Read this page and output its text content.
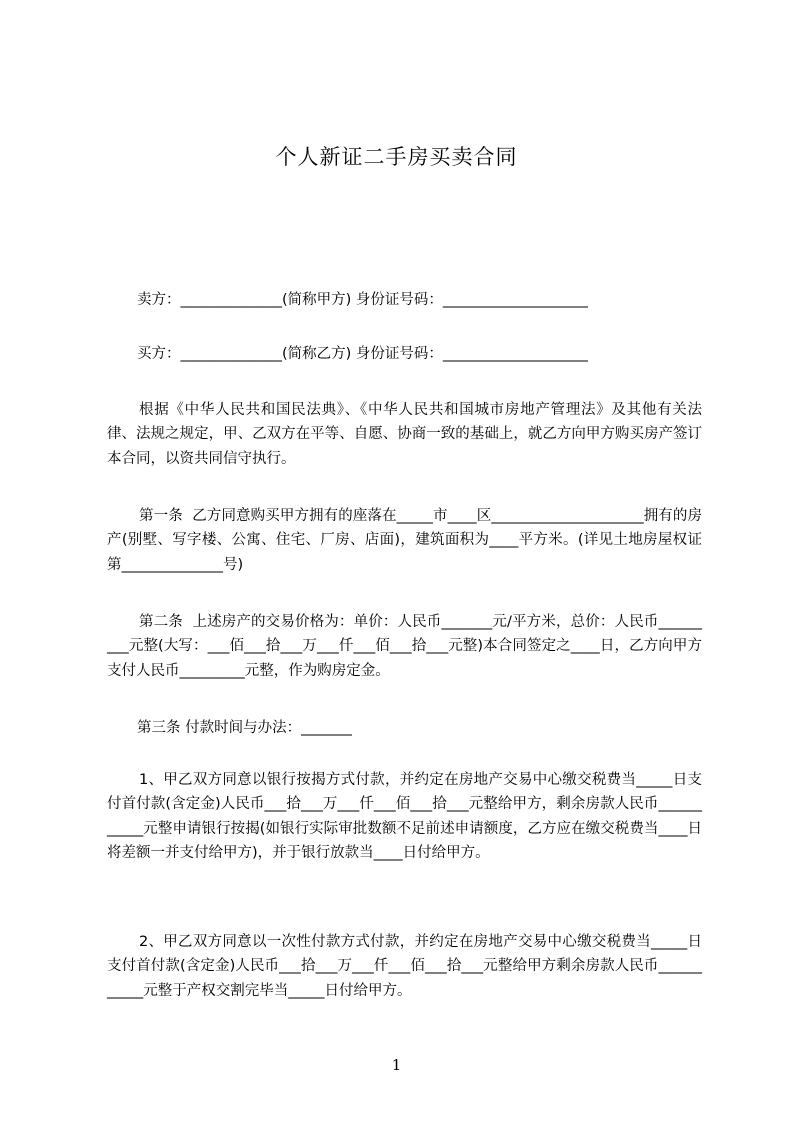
个人新证二手房买卖合同

卖方：______________(简称甲方) 身份证号码：____________________

买方：______________(简称乙方) 身份证号码：____________________

根据《中华人民共和国民法典》、《中华人民共和国城市房地产管理法》及其他有关法律、法规之规定，甲、乙双方在平等、自愿、协商一致的基础上，就乙方向甲方购买房产签订本合同，以资共同信守执行。

第一条  乙方同意购买甲方拥有的座落在_____市____区_____________________拥有的房产(别墅、写字楼、公寓、住宅、厂房、店面)，建筑面积为____平方米。(详见土地房屋权证第______________号)

第二条  上述房产的交易价格为：单价：人民币_______元/平方米，总价：人民币_________元整(大写：___佰___拾___万___仟___佰___拾___元整)本合同签定之____日，乙方向甲方支付人民币_________元整，作为购房定金。

第三条 付款时间与办法：_______

1、甲乙双方同意以银行按揭方式付款，并约定在房地产交易中心缴交税费当_____日支付首付款(含定金)人民币___拾___万___仟___佰___拾___元整给甲方，剩余房款人民币___________元整申请银行按揭(如银行实际审批数额不足前述申请额度，乙方应在缴交税费当____日将差额一并支付给甲方)，并于银行放款当____日付给甲方。

2、甲乙双方同意以一次性付款方式付款，并约定在房地产交易中心缴交税费当_____日支付首付款(含定金)人民币___拾___万___仟___佰___拾___元整给甲方剩余房款人民币___________元整于产权交割完毕当_____日付给甲方。

1
